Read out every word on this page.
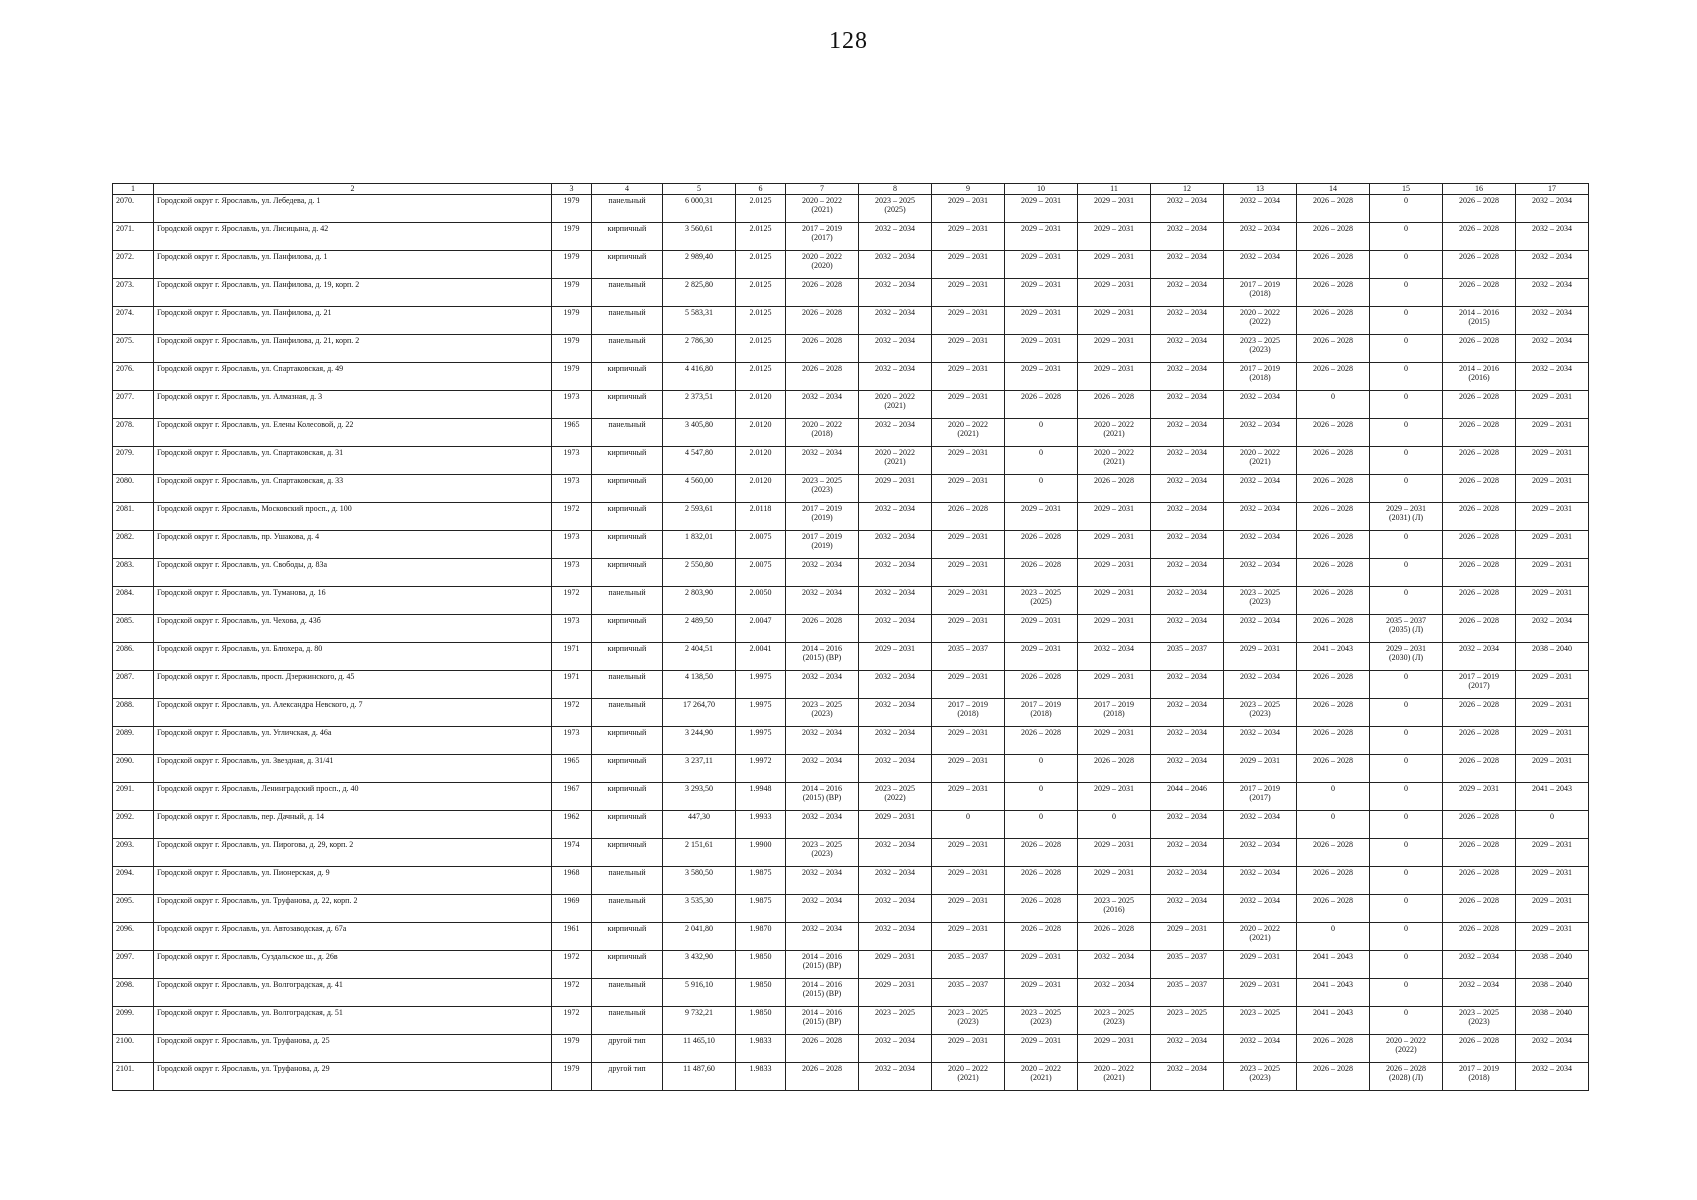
128
1	2	3	4	5	6	7	8	9	10	11	12	13	14	15	16	17

2070.	Городской округ г. Ярославль, ул. Лебедева, д. 1	1979	панельный	6 000,31	2.0125	2020 – 2022
(2021)	2023 – 2025
(2025)	2029 – 2031	2029 – 2031	2029 – 2031	2032 – 2034	2032 – 2034	2026 – 2028	0	2026 – 2028	2032 – 2034

2071.	Городской округ г. Ярославль, ул. Лисицына, д. 42	1979	кирпичный	3 560,61	2.0125	2017 – 2019
(2017)	2032 – 2034	2029 – 2031	2029 – 2031	2029 – 2031	2032 – 2034	2032 – 2034	2026 – 2028	0	2026 – 2028	2032 – 2034

2072.	Городской округ г. Ярославль, ул. Панфилова, д. 1	1979	кирпичный	2 989,40	2.0125	2020 – 2022
(2020)	2032 – 2034	2029 – 2031	2029 – 2031	2029 – 2031	2032 – 2034	2032 – 2034	2026 – 2028	0	2026 – 2028	2032 – 2034

2073.	Городской округ г. Ярославль, ул. Панфилова, д. 19, корп. 2	1979	панельный	2 825,80	2.0125	2026 – 2028	2032 – 2034	2029 – 2031	2029 – 2031	2029 – 2031	2032 – 2034	2017 – 2019
(2018)	2026 – 2028	0	2026 – 2028	2032 – 2034

2074.	Городской округ г. Ярославль, ул. Панфилова, д. 21	1979	панельный	5 583,31	2.0125	2026 – 2028	2032 – 2034	2029 – 2031	2029 – 2031	2029 – 2031	2032 – 2034	2020 – 2022
(2022)	2026 – 2028	0	2014 – 2016
(2015)	2032 – 2034

2075.	Городской округ г. Ярославль, ул. Панфилова, д. 21, корп. 2	1979	панельный	2 786,30	2.0125	2026 – 2028	2032 – 2034	2029 – 2031	2029 – 2031	2029 – 2031	2032 – 2034	2023 – 2025
(2023)	2026 – 2028	0	2026 – 2028	2032 – 2034

2076.	Городской округ г. Ярославль, ул. Спартаковская, д. 49	1979	кирпичный	4 416,80	2.0125	2026 – 2028	2032 – 2034	2029 – 2031	2029 – 2031	2029 – 2031	2032 – 2034	2017 – 2019
(2018)	2026 – 2028	0	2014 – 2016
(2016)	2032 – 2034

2077.	Городской округ г. Ярославль, ул. Алмазная, д. 3	1973	кирпичный	2 373,51	2.0120	2032 – 2034	2020 – 2022
(2021)	2029 – 2031	2026 – 2028	2026 – 2028	2032 – 2034	2032 – 2034	0	0	2026 – 2028	2029 – 2031

2078.	Городской округ г. Ярославль, ул. Елены Колесовой, д. 22	1965	панельный	3 405,80	2.0120	2020 – 2022
(2018)	2032 – 2034	2020 – 2022
(2021)	0	2020 – 2022
(2021)	2032 – 2034	2032 – 2034	2026 – 2028	0	2026 – 2028	2029 – 2031

2079.	Городской округ г. Ярославль, ул. Спартаковская, д. 31	1973	кирпичный	4 547,80	2.0120	2032 – 2034	2020 – 2022
(2021)	2029 – 2031	0	2020 – 2022
(2021)	2032 – 2034	2020 – 2022
(2021)	2026 – 2028	0	2026 – 2028	2029 – 2031

2080.	Городской округ г. Ярославль, ул. Спартаковская, д. 33	1973	кирпичный	4 560,00	2.0120	2023 – 2025
(2023)	2029 – 2031	2029 – 2031	0	2026 – 2028	2032 – 2034	2032 – 2034	2026 – 2028	0	2026 – 2028	2029 – 2031

2081.	Городской округ г. Ярославль, Московский просп., д. 100	1972	кирпичный	2 593,61	2.0118	2017 – 2019
(2019)	2032 – 2034	2026 – 2028	2029 – 2031	2029 – 2031	2032 – 2034	2032 – 2034	2026 – 2028	2029 – 2031
(2031) (Л)	2026 – 2028	2029 – 2031

2082.	Городской округ г. Ярославль, пр. Ушакова, д. 4	1973	кирпичный	1 832,01	2.0075	2017 – 2019
(2019)	2032 – 2034	2029 – 2031	2026 – 2028	2029 – 2031	2032 – 2034	2032 – 2034	2026 – 2028	0	2026 – 2028	2029 – 2031

2083.	Городской округ г. Ярославль, ул. Свободы, д. 83а	1973	кирпичный	2 550,80	2.0075	2032 – 2034	2032 – 2034	2029 – 2031	2026 – 2028	2029 – 2031	2032 – 2034	2032 – 2034	2026 – 2028	0	2026 – 2028	2029 – 2031

2084.	Городской округ г. Ярославль, ул. Туманова, д. 16	1972	панельный	2 803,90	2.0050	2032 – 2034	2032 – 2034	2029 – 2031	2023 – 2025
(2025)	2029 – 2031	2032 – 2034	2023 – 2025
(2023)	2026 – 2028	0	2026 – 2028	2029 – 2031

2085.	Городской округ г. Ярославль, ул. Чехова, д. 43б	1973	кирпичный	2 489,50	2.0047	2026 – 2028	2032 – 2034	2029 – 2031	2029 – 2031	2029 – 2031	2032 – 2034	2032 – 2034	2026 – 2028	2035 – 2037
(2035) (Л)	2026 – 2028	2032 – 2034

2086.	Городской округ г. Ярославль, ул. Блюхера, д. 80	1971	кирпичный	2 404,51	2.0041	2014 – 2016
(2015) (ВР)	2029 – 2031	2035 – 2037	2029 – 2031	2032 – 2034	2035 – 2037	2029 – 2031	2041 – 2043	2029 – 2031
(2030) (Л)	2032 – 2034	2038 – 2040

2087.	Городской округ г. Ярославль, просп. Дзержинского, д. 45	1971	панельный	4 138,50	1.9975	2032 – 2034	2032 – 2034	2029 – 2031	2026 – 2028	2029 – 2031	2032 – 2034	2032 – 2034	2026 – 2028	0	2017 – 2019
(2017)	2029 – 2031

2088.	Городской округ г. Ярославль, ул. Александра Невского, д. 7	1972	панельный	17 264,70	1.9975	2023 – 2025
(2023)	2032 – 2034	2017 – 2019
(2018)	2017 – 2019
(2018)	2017 – 2019
(2018)	2032 – 2034	2023 – 2025
(2023)	2026 – 2028	0	2026 – 2028	2029 – 2031

2089.	Городской округ г. Ярославль, ул. Угличская, д. 46а	1973	кирпичный	3 244,90	1.9975	2032 – 2034	2032 – 2034	2029 – 2031	2026 – 2028	2029 – 2031	2032 – 2034	2032 – 2034	2026 – 2028	0	2026 – 2028	2029 – 2031

2090.	Городской округ г. Ярославль, ул. Звездная, д. 31/41	1965	кирпичный	3 237,11	1.9972	2032 – 2034	2032 – 2034	2029 – 2031	0	2026 – 2028	2032 – 2034	2029 – 2031	2026 – 2028	0	2026 – 2028	2029 – 2031

2091.	Городской округ г. Ярославль, Ленинградский просп., д. 40	1967	кирпичный	3 293,50	1.9948	2014 – 2016
(2015) (ВР)	2023 – 2025
(2022)	2029 – 2031	0	2029 – 2031	2044 – 2046	2017 – 2019
(2017)	0	0	2029 – 2031	2041 – 2043

2092.	Городской округ г. Ярославль, пер. Дачный, д. 14	1962	кирпичный	447,30	1.9933	2032 – 2034	2029 – 2031	0	0	0	2032 – 2034	2032 – 2034	0	0	2026 – 2028	0

2093.	Городской округ г. Ярославль, ул. Пирогова, д. 29, корп. 2	1974	кирпичный	2 151,61	1.9900	2023 – 2025
(2023)	2032 – 2034	2029 – 2031	2026 – 2028	2029 – 2031	2032 – 2034	2032 – 2034	2026 – 2028	0	2026 – 2028	2029 – 2031

2094.	Городской округ г. Ярославль, ул. Пионерская, д. 9	1968	панельный	3 580,50	1.9875	2032 – 2034	2032 – 2034	2029 – 2031	2026 – 2028	2029 – 2031	2032 – 2034	2032 – 2034	2026 – 2028	0	2026 – 2028	2029 – 2031

2095.	Городской округ г. Ярославль, ул. Труфанова, д. 22, корп. 2	1969	панельный	3 535,30	1.9875	2032 – 2034	2032 – 2034	2029 – 2031	2026 – 2028	2023 – 2025
(2016)	2032 – 2034	2032 – 2034	2026 – 2028	0	2026 – 2028	2029 – 2031

2096.	Городской округ г. Ярославль, ул. Автозаводская, д. 67а	1961	кирпичный	2 041,80	1.9870	2032 – 2034	2032 – 2034	2029 – 2031	2026 – 2028	2026 – 2028	2029 – 2031	2020 – 2022
(2021)	0	0	2026 – 2028	2029 – 2031

2097.	Городской округ г. Ярославль, Суздальское ш., д. 26в	1972	кирпичный	3 432,90	1.9850	2014 – 2016
(2015) (ВР)	2029 – 2031	2035 – 2037	2029 – 2031	2032 – 2034	2035 – 2037	2029 – 2031	2041 – 2043	0	2032 – 2034	2038 – 2040

2098.	Городской округ г. Ярославль, ул. Волгоградская, д. 41	1972	панельный	5 916,10	1.9850	2014 – 2016
(2015) (ВР)	2029 – 2031	2035 – 2037	2029 – 2031	2032 – 2034	2035 – 2037	2029 – 2031	2041 – 2043	0	2032 – 2034	2038 – 2040

2099.	Городской округ г. Ярославль, ул. Волгоградская, д. 51	1972	панельный	9 732,21	1.9850	2014 – 2016
(2015) (ВР)	2023 – 2025	2023 – 2025
(2023)	2023 – 2025
(2023)	2023 – 2025
(2023)	2023 – 2025	2023 – 2025	2041 – 2043	0	2023 – 2025
(2023)	2038 – 2040

2100.	Городской округ г. Ярославль, ул. Труфанова, д. 25	1979	другой тип	11 465,10	1.9833	2026 – 2028	2032 – 2034	2029 – 2031	2029 – 2031	2029 – 2031	2032 – 2034	2032 – 2034	2026 – 2028	2020 – 2022
(2022)	2026 – 2028	2032 – 2034

2101.	Городской округ г. Ярославль, ул. Труфанова, д. 29	1979	другой тип	11 487,60	1.9833	2026 – 2028	2032 – 2034	2020 – 2022
(2021)	2020 – 2022
(2021)	2020 – 2022
(2021)	2032 – 2034	2023 – 2025
(2023)	2026 – 2028	2026 – 2028
(2028) (Л)	2017 – 2019
(2018)	2032 – 2034
